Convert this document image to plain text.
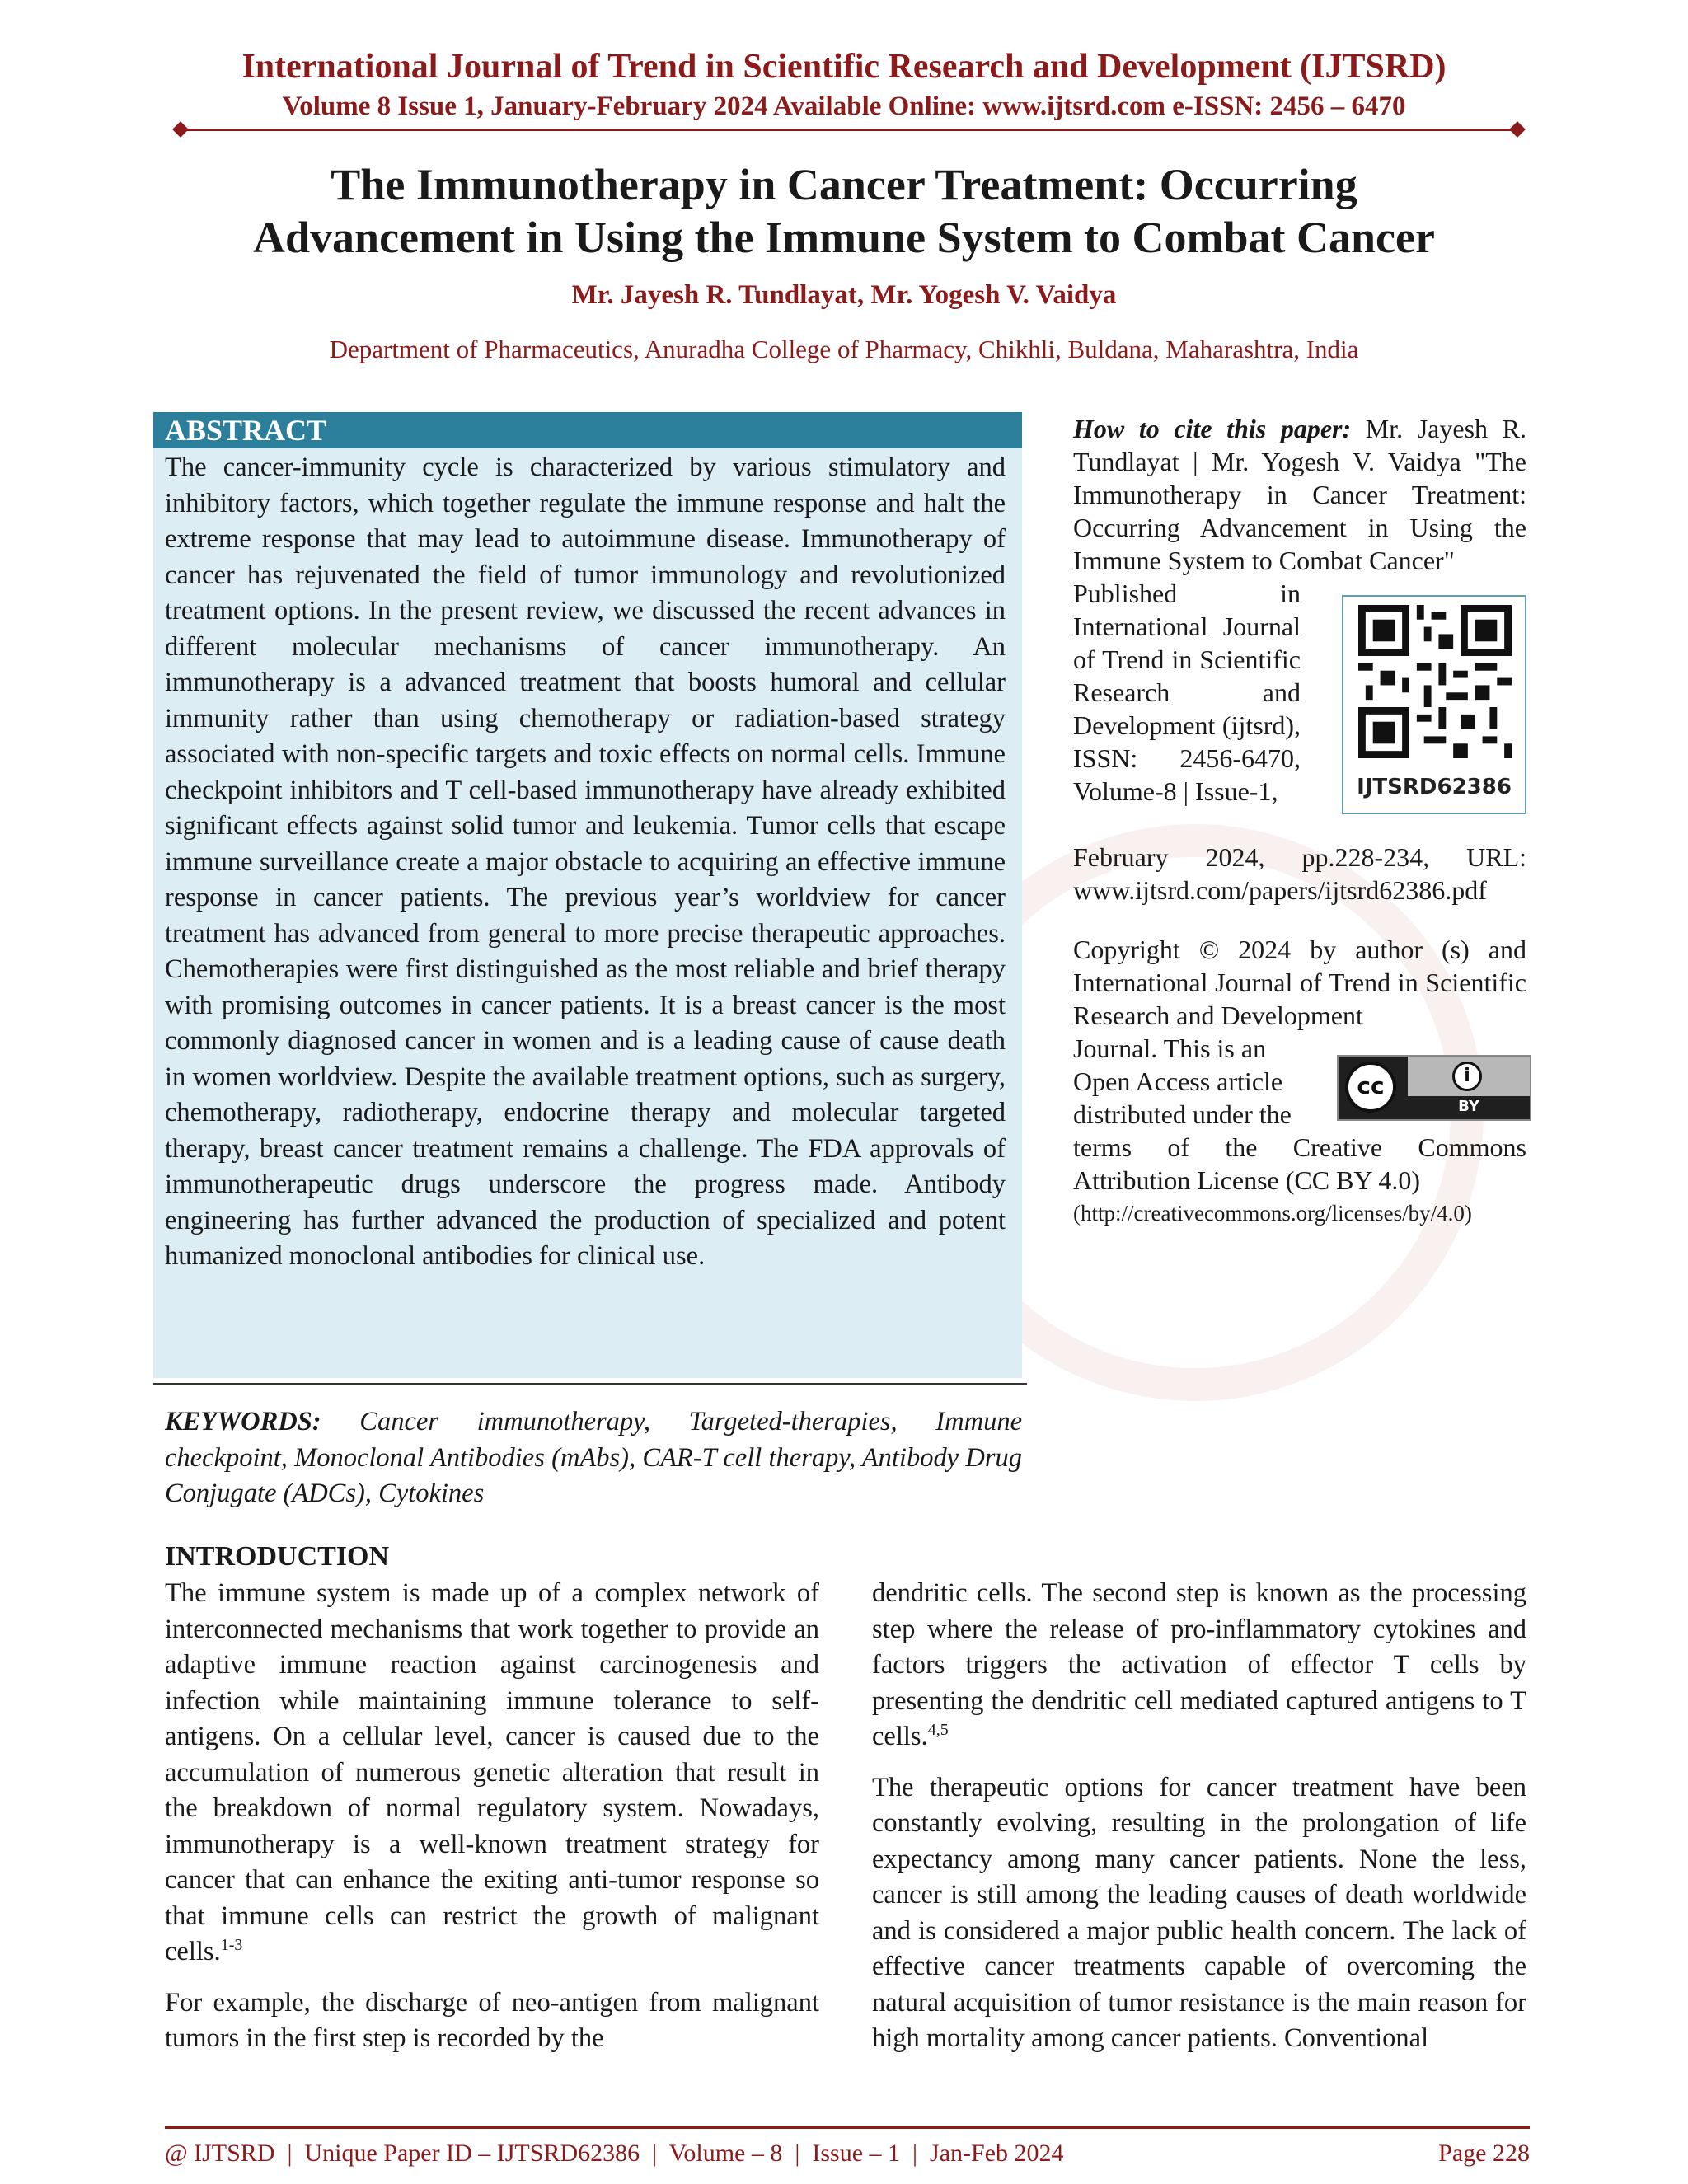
International Journal of Trend in Scientific Research and Development (IJTSRD)
Volume 8 Issue 1, January-February 2024 Available Online: www.ijtsrd.com e-ISSN: 2456 – 6470
The Immunotherapy in Cancer Treatment: Occurring
Advancement in Using the Immune System to Combat Cancer
Mr. Jayesh R. Tundlayat, Mr. Yogesh V. Vaidya
Department of Pharmaceutics, Anuradha College of Pharmacy, Chikhli, Buldana, Maharashtra, India
ABSTRACT
The cancer-immunity cycle is characterized by various stimulatory and inhibitory factors, which together regulate the immune response and halt the extreme response that may lead to autoimmune disease. Immunotherapy of cancer has rejuvenated the field of tumor immunology and revolutionized treatment options. In the present review, we discussed the recent advances in different molecular mechanisms of cancer immunotherapy. An immunotherapy is a advanced treatment that boosts humoral and cellular immunity rather than using chemotherapy or radiation-based strategy associated with non-specific targets and toxic effects on normal cells. Immune checkpoint inhibitors and T cell-based immunotherapy have already exhibited significant effects against solid tumor and leukemia. Tumor cells that escape immune surveillance create a major obstacle to acquiring an effective immune response in cancer patients. The previous year’s worldview for cancer treatment has advanced from general to more precise therapeutic approaches. Chemotherapies were first distinguished as the most reliable and brief therapy with promising outcomes in cancer patients. It is a breast cancer is the most commonly diagnosed cancer in women and is a leading cause of cause death in women worldview. Despite the available treatment options, such as surgery, chemotherapy, radiotherapy, endocrine therapy and molecular targeted therapy, breast cancer treatment remains a challenge. The FDA approvals of immunotherapeutic drugs underscore the progress made. Antibody engineering has further advanced the production of specialized and potent humanized monoclonal antibodies for clinical use.
KEYWORDS: Cancer immunotherapy, Targeted-therapies, Immune checkpoint, Monoclonal Antibodies (mAbs), CAR-T cell therapy, Antibody Drug Conjugate (ADCs), Cytokines
How to cite this paper: Mr. Jayesh R. Tundlayat | Mr. Yogesh V. Vaidya "The Immunotherapy in Cancer Treatment: Occurring Advancement in Using the Immune System to Combat Cancer"
Published in International Journal of Trend in Scientific Research and Development (ijtsrd), ISSN: 2456-6470, Volume-8 | Issue-1,
February 2024, pp.228-234, URL: www.ijtsrd.com/papers/ijtsrd62386.pdf
IJTSRD62386
Copyright © 2024 by author (s) and International Journal of Trend in Scientific Research and Development
Journal. This is an Open Access article distributed under the
cc	i
BY
terms of the Creative Commons Attribution License (CC BY 4.0)
(http://creativecommons.org/licenses/by/4.0)
INTRODUCTION

The immune system is made up of a complex network of interconnected mechanisms that work together to provide an adaptive immune reaction against carcinogenesis and infection while maintaining immune tolerance to self-antigens. On a cellular level, cancer is caused due to the accumulation of numerous genetic alteration that result in the breakdown of normal regulatory system. Nowadays, immunotherapy is a well-known treatment strategy for cancer that can enhance the exiting anti-tumor response so that immune cells can restrict the growth of malignant cells.$^{1-3}$

For example, the discharge of neo-antigen from malignant tumors in the first step is recorded by the

dendritic cells. The second step is known as the processing step where the release of pro-inflammatory cytokines and factors triggers the activation of effector T cells by presenting the dendritic cell mediated captured antigens to T cells.$^{4,5}$

The therapeutic options for cancer treatment have been constantly evolving, resulting in the prolongation of life expectancy among many cancer patients. None the less, cancer is still among the leading causes of death worldwide and is considered a major public health concern. The lack of effective cancer treatments capable of overcoming the natural acquisition of tumor resistance is the main reason for high mortality among cancer patients. Conventional

@ IJTSRD  |  Unique Paper ID – IJTSRD62386  |  Volume – 8  |  Issue – 1  |  Jan-Feb 2024	Page 228
